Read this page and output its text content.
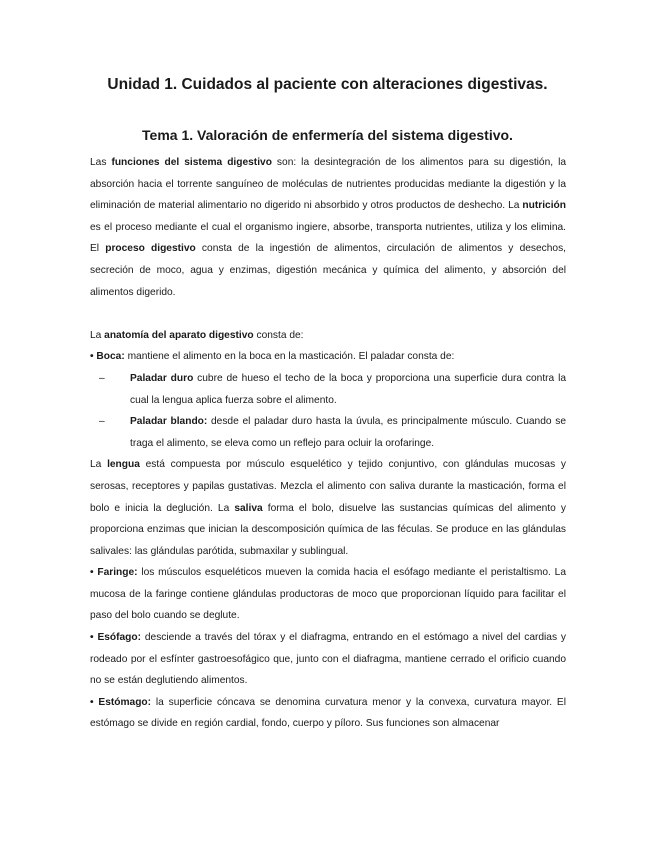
Unidad 1. Cuidados al paciente con alteraciones digestivas.
Tema 1. Valoración de enfermería del sistema digestivo.

Las funciones del sistema digestivo son: la desintegración de los alimentos para su digestión, la absorción hacia el torrente sanguíneo de moléculas de nutrientes producidas mediante la digestión y la eliminación de material alimentario no digerido ni absorbido y otros productos de deshecho. La nutrición es el proceso mediante el cual el organismo ingiere, absorbe, transporta nutrientes, utiliza y los elimina. El proceso digestivo consta de la ingestión de alimentos, circulación de alimentos y desechos, secreción de moco, agua y enzimas, digestión mecánica y química del alimento, y absorción del alimentos digerido.

La anatomía del aparato digestivo consta de:

• Boca: mantiene el alimento en la boca en la masticación. El paladar consta de:

–	Paladar duro cubre de hueso el techo de la boca y proporciona una superficie dura contra la cual la lengua aplica fuerza sobre el alimento.
–	Paladar blando: desde el paladar duro hasta la úvula, es principalmente músculo. Cuando se traga el alimento, se eleva como un reflejo para ocluir la orofaringe.

La lengua está compuesta por músculo esquelético y tejido conjuntivo, con glándulas mucosas y serosas, receptores y papilas gustativas. Mezcla el alimento con saliva durante la masticación, forma el bolo e inicia la deglución. La saliva forma el bolo, disuelve las sustancias químicas del alimento y proporciona enzimas que inician la descomposición química de las féculas. Se produce en las glándulas salivales: las glándulas parótida, submaxilar y sublingual.

• Faringe: los músculos esqueléticos mueven la comida hacia el esófago mediante el peristaltismo. La mucosa de la faringe contiene glándulas productoras de moco que proporcionan líquido para facilitar el paso del bolo cuando se deglute.

• Esófago: desciende a través del tórax y el diafragma, entrando en el estómago a nivel del cardias y rodeado por el esfínter gastroesofágico que, junto con el diafragma, mantiene cerrado el orificio cuando no se están deglutiendo alimentos.

• Estómago: la superficie cóncava se denomina curvatura menor y la convexa, curvatura mayor. El estómago se divide en región cardial, fondo, cuerpo y píloro. Sus funciones son almacenar
